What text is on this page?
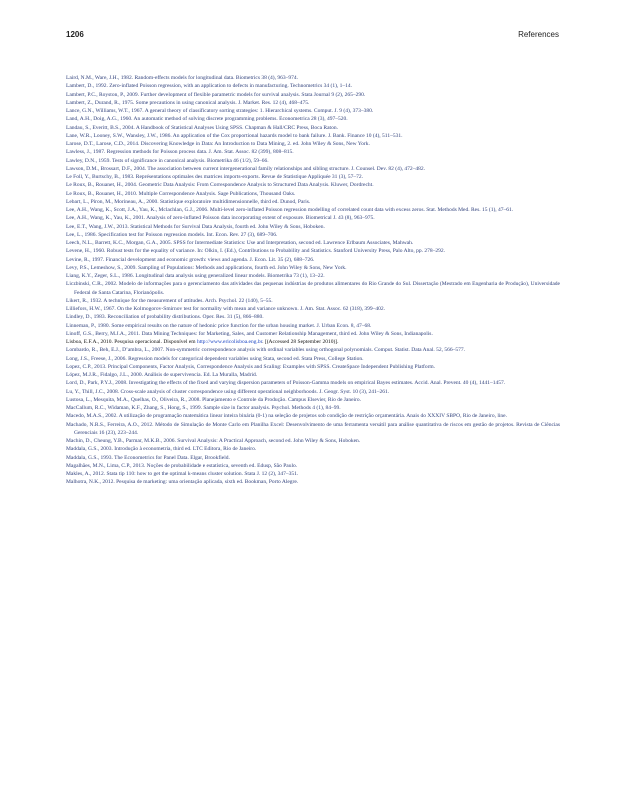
1206	References

Laird, N.M., Ware, J.H., 1982. Random-effects models for longitudinal data. Biometrics 38 (4), 963–974.

Lambert, D., 1992. Zero-inflated Poisson regression, with an application to defects in manufacturing. Technometrics 34 (1), 1–14.

Lambert, P.C., Royston, P., 2009. Further development of flexible parametric models for survival analysis. Stata Journal 9 (2), 265–290.

Lambert, Z., Durand, R., 1975. Some precautions in using canonical analysis. J. Market. Res. 12 (4), 468–475.

Lance, G.N., Williams, W.T., 1967. A general theory of classificatory sorting strategies: 1. Hierarchical systems. Comput. J. 9 (4), 373–380.

Land, A.H., Doig, A.G., 1960. An automatic method of solving discrete programming problems. Econometrica 28 (3), 497–520.

Landau, S., Everitt, B.S., 2004. A Handbook of Statistical Analyses Using SPSS. Chapman & Hall/CRC Press, Boca Raton.

Lane, W.R., Looney, S.W., Wansley, J.W., 1986. An application of the Cox proportional hazards model to bank failure. J. Bank. Finance 10 (4), 511–531.

Larose, D.T., Larose, C.D., 2014. Discovering Knowledge in Data: An Introduction to Data Mining, 2. ed. John Wiley & Sons, New York.

Lawless, J., 1987. Regression methods for Poisson process data. J. Am. Stat. Assoc. 82 (399), 808–815.

Lawley, D.N., 1959. Tests of significance in canonical analysis. Biometrika 46 (1/2), 59–66.

Lawson, D.M., Brossart, D.F., 2004. The association between current intergenerational family relationships and sibling structure. J. Counsel. Dev. 82 (4), 472–482.

Le Foll, Y., Burtschy, B., 1983. Représentations optimales des matrices imports-exports. Revue de Statistique Appliquée 31 (3), 57–72.

Le Roux, B., Rouanet, H., 2004. Geometric Data Analysis: From Correspondence Analysis to Structured Data Analysis. Kluwer, Dordrecht.

Le Roux, B., Rouanet, H., 2010. Multiple Correspondence Analysis. Sage Publications, Thousand Oaks.

Lebart, L., Piron, M., Morineau, A., 2000. Statistique exploratoire multidimensionnelle, third ed. Dunod, Paris.

Lee, A.H., Wang, K., Scott, J.A., Yau, K., Mclachlan, G.J., 2006. Multi-level zero-inflated Poisson regression modelling of correlated count data with excess zeros. Stat. Methods Med. Res. 15 (1), 47–61.

Lee, A.H., Wang, K., Yau, K., 2001. Analysis of zero-inflated Poisson data incorporating extent of exposure. Biometrical J. 43 (8), 963–975.

Lee, E.T., Wang, J.W., 2013. Statistical Methods for Survival Data Analysis, fourth ed. John Wiley & Sons, Hoboken.

Lee, L., 1986. Specification test for Poisson regression models. Int. Econ. Rev. 27 (3), 689–706.

Leech, N.L., Barrett, K.C., Morgan, G.A., 2005. SPSS for Intermediate Statistics: Use and Interpretation, second ed. Lawrence Erlbaum Associates, Mahwah.

Levene, H., 1960. Robust tests for the equality of variance. In: Olkin, I. (Ed.), Contributions to Probability and Statistics. Stanford University Press, Palo Alto, pp. 278–292.

Levine, R., 1997. Financial development and economic growth: views and agenda. J. Econ. Lit. 35 (2), 688–726.

Levy, P.S., Lemeshow, S., 2009. Sampling of Populations: Methods and applications, fourth ed. John Wiley & Sons, New York.

Liang, K.Y., Zeger, S.L., 1986. Longitudinal data analysis using generalized linear models. Biometrika 73 (1), 13–22.

Liczbinski, C.R., 2002. Modelo de informações para o gerenciamento das atividades das pequenas indústrias de produtos alimentares do Rio Grande do Sul. Dissertação (Mestrado em Engenharia de Produção), Universidade Federal de Santa Catarina, Florianópolis.

Likert, R., 1932. A technique for the measurement of attitudes. Arch. Psychol. 22 (140), 5–55.

Lilliefors, H.W., 1967. On the Kolmogorov-Smirnov test for normality with mean and variance unknown. J. Am. Stat. Assoc. 62 (318), 399–402.

Lindley, D., 1983. Reconciliation of probability distributions. Oper. Res. 31 (5), 866–880.

Linneman, P., 1980. Some empirical results on the nature of hedonic price function for the urban housing market. J. Urban Econ. 8, 47–68.

Linoff, G.S., Berry, M.J.A., 2011. Data Mining Techniques: for Marketing, Sales, and Customer Relationship Management, third ed. John Wiley & Sons, Indianapolis.

Lisboa, E.F.A., 2010. Pesquisa operacional. Disponível em http://www.ericolisboa.eng.br. [(Accessed 28 September 2010)].

Lombardo, R., Beh, E.J., D’ambra, L., 2007. Non-symmetric correspondence analysis with ordinal variables using orthogonal polynomials. Comput. Statist. Data Anal. 52, 566–577.

Long, J.S., Freese, J., 2006. Regression models for categorical dependent variables using Stata, second ed. Stata Press, College Station.

Lopez, C.P., 2013. Principal Components, Factor Analysis, Correspondence Analysis and Scaling: Examples with SPSS. CreateSpace Independent Publishing Platform.

López, M.J.R., Fidalgo, J.L., 2000. Análisis de supervivencia. Ed. La Muralla, Madrid.

Lord, D., Park, P.Y.J., 2008. Investigating the effects of the fixed and varying dispersion parameters of Poisson-Gamma models on empirical Bayes estimates. Accid. Anal. Prevent. 40 (4), 1441–1457.

Lu, Y., Thill, J.C., 2008. Cross-scale analysis of cluster correspondence using different operational neighborhoods. J. Geogr. Syst. 10 (3), 241–261.

Lustosa, L., Mesquita, M.A., Quelhas, O., Oliveira, R., 2008. Planejamento e Controle da Produção. Campus Elsevier, Rio de Janeiro.

MacCallum, R.C., Widaman, K.F., Zhang, S., Hong, S., 1999. Sample size in factor analysis. Psychol. Methods 4 (1), 84–99.

Macedo, M.A.S., 2002. A utilização de programação matemática linear inteira binária (0-1) na seleção de projetos sob condição de restrição orçamentária. Anais do XXXIV SBPO, Rio de Janeiro, line.

Machado, N.R.S., Ferreira, A.O., 2012. Método de Simulação de Monte Carlo em Planilha Excel: Desenvolvimento de uma ferramenta versátil para análise quantitativa de riscos em gestão de projetos. Revista de Ciências Gerenciais 16 (23), 223–244.

Machin, D., Cheung, Y.B., Parmar, M.K.B., 2006. Survival Analysis: A Practical Approach, second ed. John Wiley & Sons, Hoboken.

Maddala, G.S., 2003. Introdução à econometria, third ed. LTC Editora, Rio de Janeiro.

Maddala, G.S., 1993. The Econometrics for Panel Data. Elgar, Brookfield.

Magalhães, M.N., Lima, C.P., 2013. Noções de probabilidade e estatística, seventh ed. Edusp, São Paulo.

Makles, A., 2012. Stata tip 110: how to get the optimal k-means cluster solution. Stata J. 12 (2), 347–351.

Malhotra, N.K., 2012. Pesquisa de marketing: uma orientação aplicada, sixth ed. Bookman, Porto Alegre.
